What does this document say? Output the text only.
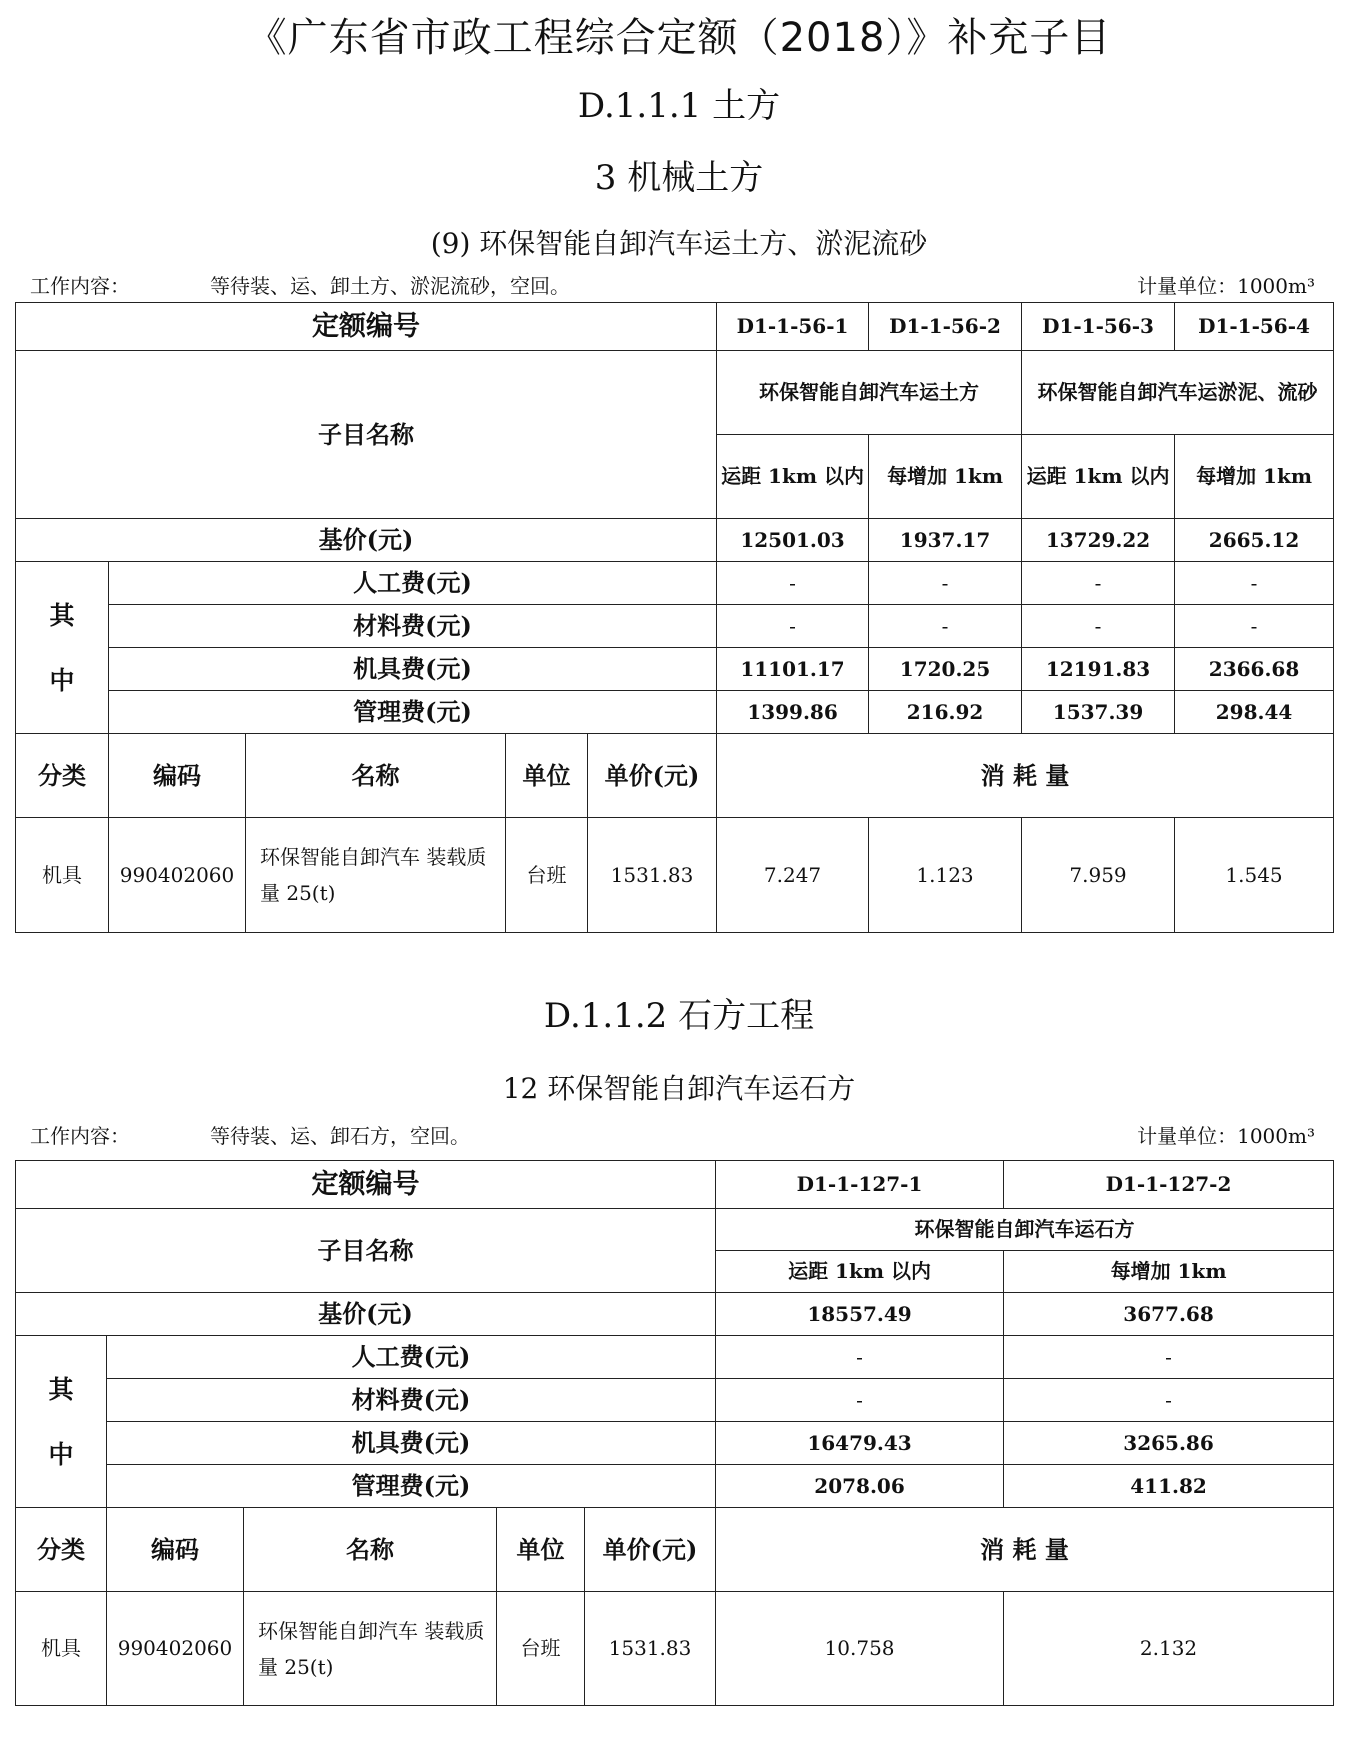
《广东省市政工程综合定额（2018）》补充子目
D.1.1.1 土方
3 机械土方
(9) 环保智能自卸汽车运土方、淤泥流砂
工作内容：	等待装、运、卸土方、淤泥流砂，空回。	计量单位：1000m³
定额编号					D1-1-56-1	D1-1-56-2	D1-1-56-3	D1-1-56-4
子目名称					环保智能自卸汽车运土方		环保智能自卸汽车运淤泥、流砂	
					运距 1km 以内	每增加 1km	运距 1km 以内	每增加 1km
基价(元)					12501.03	1937.17	13729.22	2665.12

其
中	人工费(元)				-	-	-	-
	材料费(元)				-	-	-	-
	机具费(元)				11101.17	1720.25	12191.83	2366.68
	管理费(元)				1399.86	216.92	1537.39	298.44
分类	编码	名称	单位	单价(元)	消 耗 量			
机具	990402060	环保智能自卸汽车 装载质量 25(t)	台班	1531.83	7.247	1.123	7.959	1.545
D.1.1.2 石方工程
12 环保智能自卸汽车运石方
工作内容：	等待装、运、卸石方，空回。	计量单位：1000m³
定额编号					D1-1-127-1	D1-1-127-2
子目名称					环保智能自卸汽车运石方	
					运距 1km 以内	每增加 1km
基价(元)					18557.49	3677.68

其
中	人工费(元)				-	-
	材料费(元)				-	-
	机具费(元)				16479.43	3265.86
	管理费(元)				2078.06	411.82
分类	编码	名称	单位	单价(元)	消 耗 量	
机具	990402060	环保智能自卸汽车 装载质量 25(t)	台班	1531.83	10.758	2.132
